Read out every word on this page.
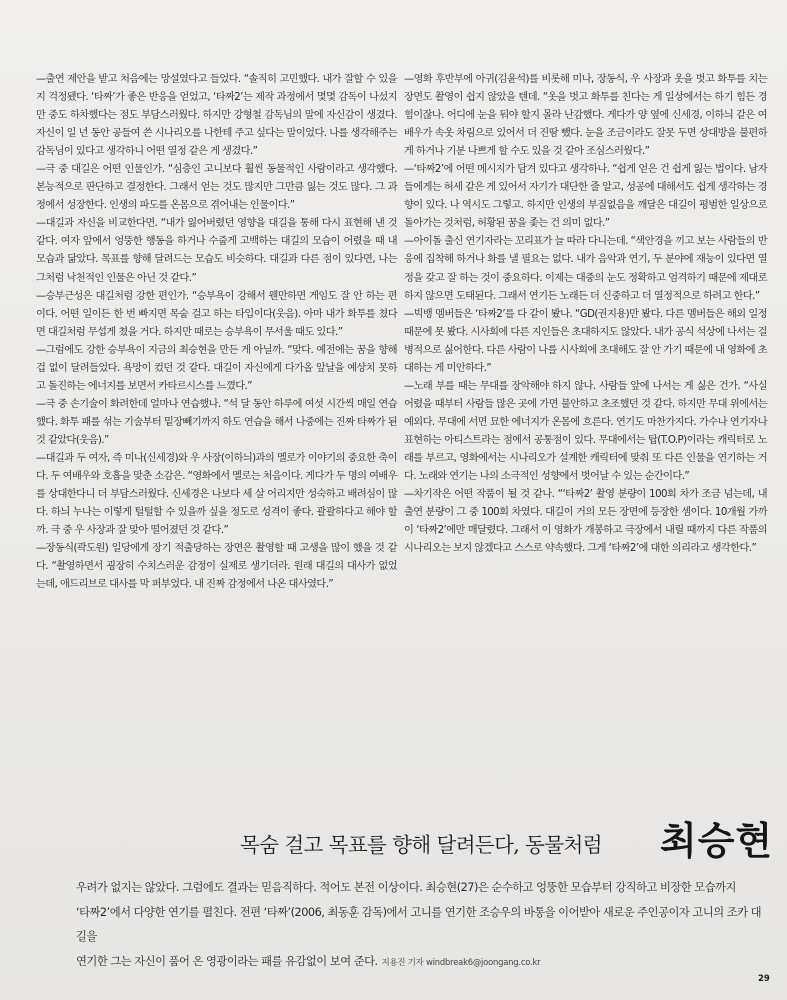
—출연 제안을 받고 처음에는 망설였다고 들었다. “솔직히 고민했다. 내가 잘할 수 있을지 걱정됐다. ‘타짜’가 좋은 반응을 얻었고, ‘타짜2’는 제작 과정에서 몇몇 감독이 나섰지만 중도 하차했다는 점도 부담스러웠다. 하지만 강형철 감독님의 말에 자신감이 생겼다. 자신이 일 년 동안 공들여 쓴 시나리오를 나한테 주고 싶다는 말이었다. 나를 생각해주는 감독님이 있다고 생각하니 어떤 열정 같은 게 생겼다.”

—극 중 대길은 어떤 인물인가. “심층인 고니보다 훨씬 동물적인 사람이라고 생각했다. 본능적으로 판단하고 결정한다. 그래서 얻는 것도 많지만 그만큼 잃는 것도 많다. 그 과정에서 성장한다. 인생의 파도를 온몸으로 겪어내는 인물이다.”

—대길과 자신을 비교한다면. “내가 잃어버렸던 영향을 대길을 통해 다시 표현해 낸 것 같다. 여자 앞에서 엉뚱한 행동을 하거나 수줍게 고백하는 대길의 모습이 어렸을 때 내 모습과 닮았다. 목표를 향해 달려드는 모습도 비슷하다. 대길과 다른 점이 있다면, 나는 그처럼 낙천적인 인물은 아닌 것 같다.”

—승부근성은 대길처럼 강한 편인가. “승부욕이 강해서 웬만하면 게임도 잘 안 하는 편이다. 어떤 일이든 한 번 빠지면 목숨 걸고 하는 타입이다(웃음). 아마 내가 화투를 쳤다면 대길처럼 무섭게 쳤을 거다. 하지만 때로는 승부욕이 무서울 때도 있다.”

—그럼에도 강한 승부욕이 지금의 최승현을 만든 게 아닐까. “맞다. 예전에는 꿈을 향해 겁 없이 달려들었다. 욕망이 컸던 것 같다. 대길이 자신에게 다가올 앞날을 예상치 못하고 돌진하는 에너지를 보면서 카타르시스를 느꼈다.”

—극 중 손기술이 화려한데 얼마나 연습했나. “석 달 동안 하루에 여섯 시간씩 매일 연습했다. 화투 패를 섞는 기술부터 밑장빼기까지 하도 연습을 해서 나중에는 진짜 타짜가 된 것 같았다(웃음).”

—대길과 두 여자, 즉 미나(신세경)와 우 사장(이하늬)과의 멜로가 이야기의 중요한 축이다. 두 여배우와 호흡을 맞춘 소감은. “영화에서 멜로는 처음이다. 게다가 두 명의 여배우를 상대한다니 더 부담스러웠다. 신세경은 나보다 세 살 어리지만 성숙하고 배려심이 많다. 하늬 누나는 이렇게 털털할 수 있을까 싶을 정도로 성격이 좋다. 괄괄하다고 해야 할까. 극 중 우 사장과 잘 맞아 떨어졌던 것 같다.”

—장동식(곽도원) 일당에게 장기 적출당하는 장면은 촬영할 때 고생을 많이 했을 것 같다. “촬영하면서 굉장히 수치스러운 감정이 실제로 생기더라. 원래 대길의 대사가 없었는데, 애드리브로 대사를 막 퍼부었다. 내 진짜 감정에서 나온 대사였다.”

—영화 후반부에 아귀(김윤석)를 비롯해 미나, 장동식, 우 사장과 옷을 벗고 화투를 치는 장면도 촬영이 쉽지 않았을 텐데. “옷을 벗고 화투를 친다는 게 일상에서는 하기 힘든 경험이잖나. 어디에 눈을 둬야 할지 몰라 난감했다. 게다가 양 옆에 신세경, 이하늬 같은 여배우가 속옷 차림으로 있어서 더 진땀 뺐다. 눈을 조금이라도 잘못 두면 상대방을 불편하게 하거나 기분 나쁘게 할 수도 있을 것 같아 조심스러웠다.”

—‘타짜2’에 어떤 메시지가 담겨 있다고 생각하나. “쉽게 얻은 건 쉽게 잃는 법이다. 남자들에게는 허세 같은 게 있어서 자기가 대단한 줄 알고, 성공에 대해서도 쉽게 생각하는 경향이 있다. 나 역시도 그렇고. 하지만 인생의 부질없음을 깨달은 대길이 평범한 일상으로 돌아가는 것처럼, 허황된 꿈을 좇는 건 의미 없다.”

—아이돌 출신 연기자라는 꼬리표가 늘 따라 다니는데. “색안경을 끼고 보는 사람들의 반응에 집착해 하거나 화를 낼 필요는 없다. 내가 음악과 연기, 두 분야에 재능이 있다면 열정을 갖고 잘 하는 것이 중요하다. 이제는 대중의 눈도 정확하고 엄격하기 때문에 제대로 하지 않으면 도태된다. 그래서 연기든 노래든 더 신중하고 더 열정적으로 하려고 한다.”

—빅뱅 멤버들은 ‘타짜2’를 다 같이 봤나. “GD(권지용)만 봤다. 다른 멤버들은 해외 일정 때문에 못 봤다. 시사회에 다른 지인들은 초대하지도 않았다. 내가 공식 석상에 나서는 걸 병적으로 싫어한다. 다른 사람이 나를 시사회에 초대해도 잘 안 가기 때문에 내 영화에 초대하는 게 미안하다.”

—노래 부를 때는 무대를 장악해야 하지 않나. 사람들 앞에 나서는 게 싫은 건가. “사실 어렸을 때부터 사람들 많은 곳에 가면 불안하고 초조했던 것 같다. 하지만 무대 위에서는 예외다. 무대에 서면 묘한 에너지가 온몸에 흐른다. 연기도 마찬가지다. 가수나 연기자나 표현하는 아티스트라는 점에서 공통점이 있다. 무대에서는 탑(T.O.P)이라는 캐릭터로 노래를 부르고, 영화에서는 시나리오가 설계한 캐릭터에 맞춰 또 다른 인물을 연기하는 거다. 노래와 연기는 나의 소극적인 성향에서 벗어날 수 있는 순간이다.”

—차기작은 어떤 작품이 될 것 같나. “‘타짜2’ 촬영 분량이 100회 차가 조금 넘는데, 내 출연 분량이 그 중 100회 차였다. 대길이 거의 모든 장면에 등장한 셈이다. 10개월 가까이 ‘타짜2’에만 매달렸다. 그래서 이 영화가 개봉하고 극장에서 내릴 때까지 다른 작품의 시나리오는 보지 않겠다고 스스로 약속했다. 그게 ‘타짜2’에 대한 의리라고 생각한다.”

목숨 걸고 목표를 향해 달려든다, 동물처럼 최승현

우려가 없지는 않았다. 그럼에도 결과는 믿음직하다. 적어도 본전 이상이다. 최승현(27)은 순수하고 엉뚱한 모습부터 강직하고 비장한 모습까지

‘타짜2’에서 다양한 연기를 펼친다. 전편 ‘타짜’(2006, 최동훈 감독)에서 고니를 연기한 조승우의 바통을 이어받아 새로운 주인공이자 고니의 조카 대길을

연기한 그는 자신이 품어 온 영광이라는 패를 유감없이 보여 준다. 지용진 기자 windbreak6@joongang.co.kr

29
